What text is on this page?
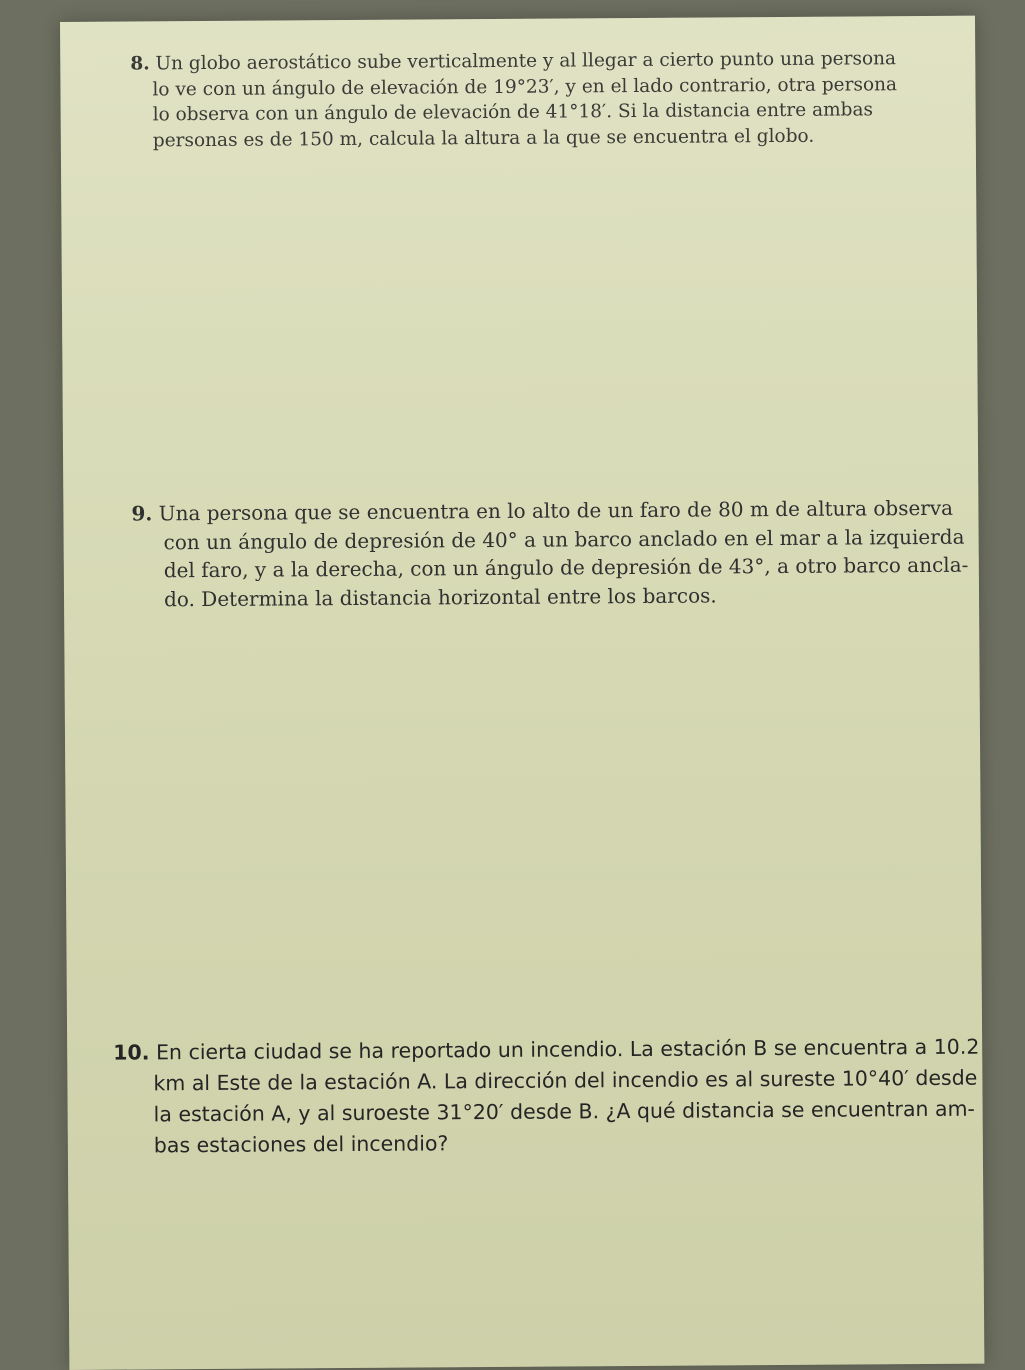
8. Un globo aerostático sube verticalmente y al llegar a cierto punto una persona
lo ve con un ángulo de elevación de 19°23′, y en el lado contrario, otra persona
lo observa con un ángulo de elevación de 41°18′. Si la distancia entre ambas
personas es de 150 m, calcula la altura a la que se encuentra el globo.
9. Una persona que se encuentra en lo alto de un faro de 80 m de altura observa
con un ángulo de depresión de 40° a un barco anclado en el mar a la izquierda
del faro, y a la derecha, con un ángulo de depresión de 43°, a otro barco ancla-
do. Determina la distancia horizontal entre los barcos.
10. En cierta ciudad se ha reportado un incendio. La estación B se encuentra a 10.2
km al Este de la estación A. La dirección del incendio es al sureste 10°40′ desde
la estación A, y al suroeste 31°20′ desde B. ¿A qué distancia se encuentran am-
bas estaciones del incendio?
